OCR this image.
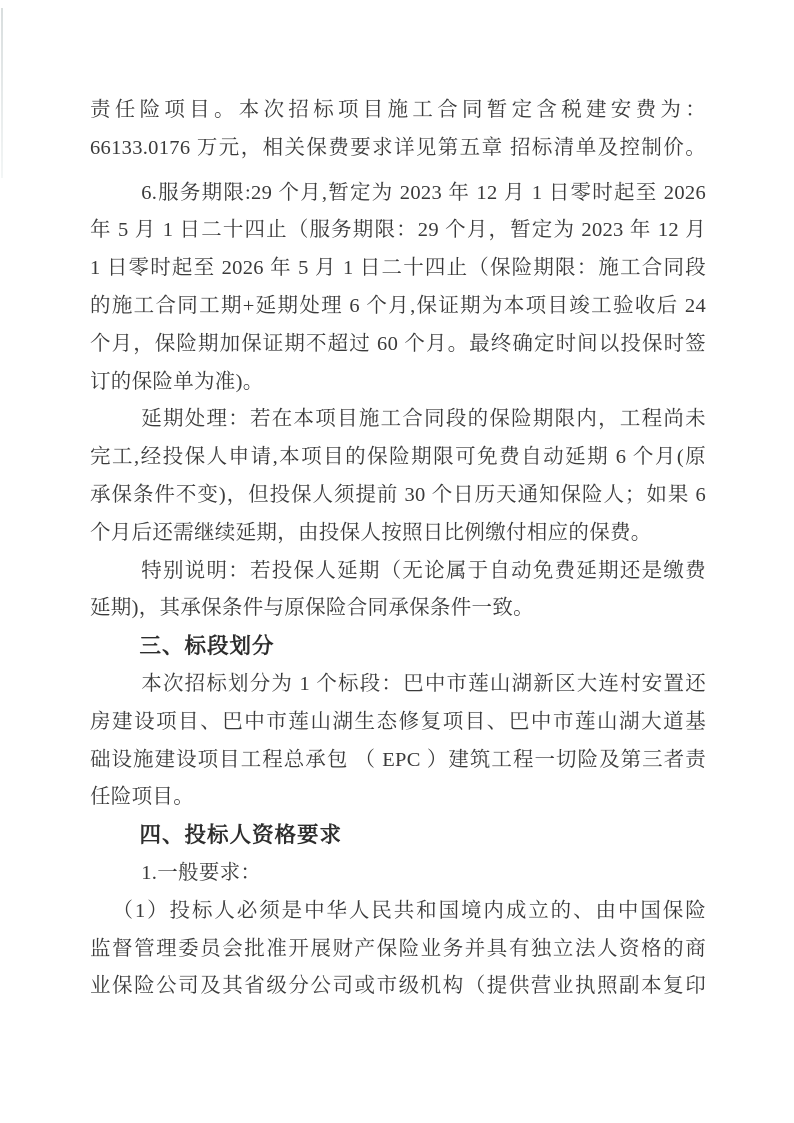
责任险项目。本次招标项目施工合同暂定含税建安费为：
66133.0176 万元，相关保费要求详见第五章 招标清单及控制价。
6.服务期限:29 个月,暂定为 2023 年 12 月 1 日零时起至 2026
年 5 月 1 日二十四止（服务期限：29 个月，暂定为 2023 年 12 月
1 日零时起至 2026 年 5 月 1 日二十四止（保险期限：施工合同段
的施工合同工期+延期处理 6 个月,保证期为本项目竣工验收后 24
个月，保险期加保证期不超过 60 个月。最终确定时间以投保时签
订的保险单为准)。
延期处理：若在本项目施工合同段的保险期限内，工程尚未
完工,经投保人申请,本项目的保险期限可免费自动延期 6 个月(原
承保条件不变)，但投保人须提前 30 个日历天通知保险人；如果 6
个月后还需继续延期，由投保人按照日比例缴付相应的保费。
特别说明：若投保人延期（无论属于自动免费延期还是缴费
延期)，其承保条件与原保险合同承保条件一致。
三、标段划分
本次招标划分为 1 个标段：巴中市莲山湖新区大连村安置还
房建设项目、巴中市莲山湖生态修复项目、巴中市莲山湖大道基
础设施建设项目工程总承包 （ EPC ）建筑工程一切险及第三者责
任险项目。
四、投标人资格要求
1.一般要求：
（1）投标人必须是中华人民共和国境内成立的、由中国保险
监督管理委员会批准开展财产保险业务并具有独立法人资格的商
业保险公司及其省级分公司或市级机构（提供营业执照副本复印
